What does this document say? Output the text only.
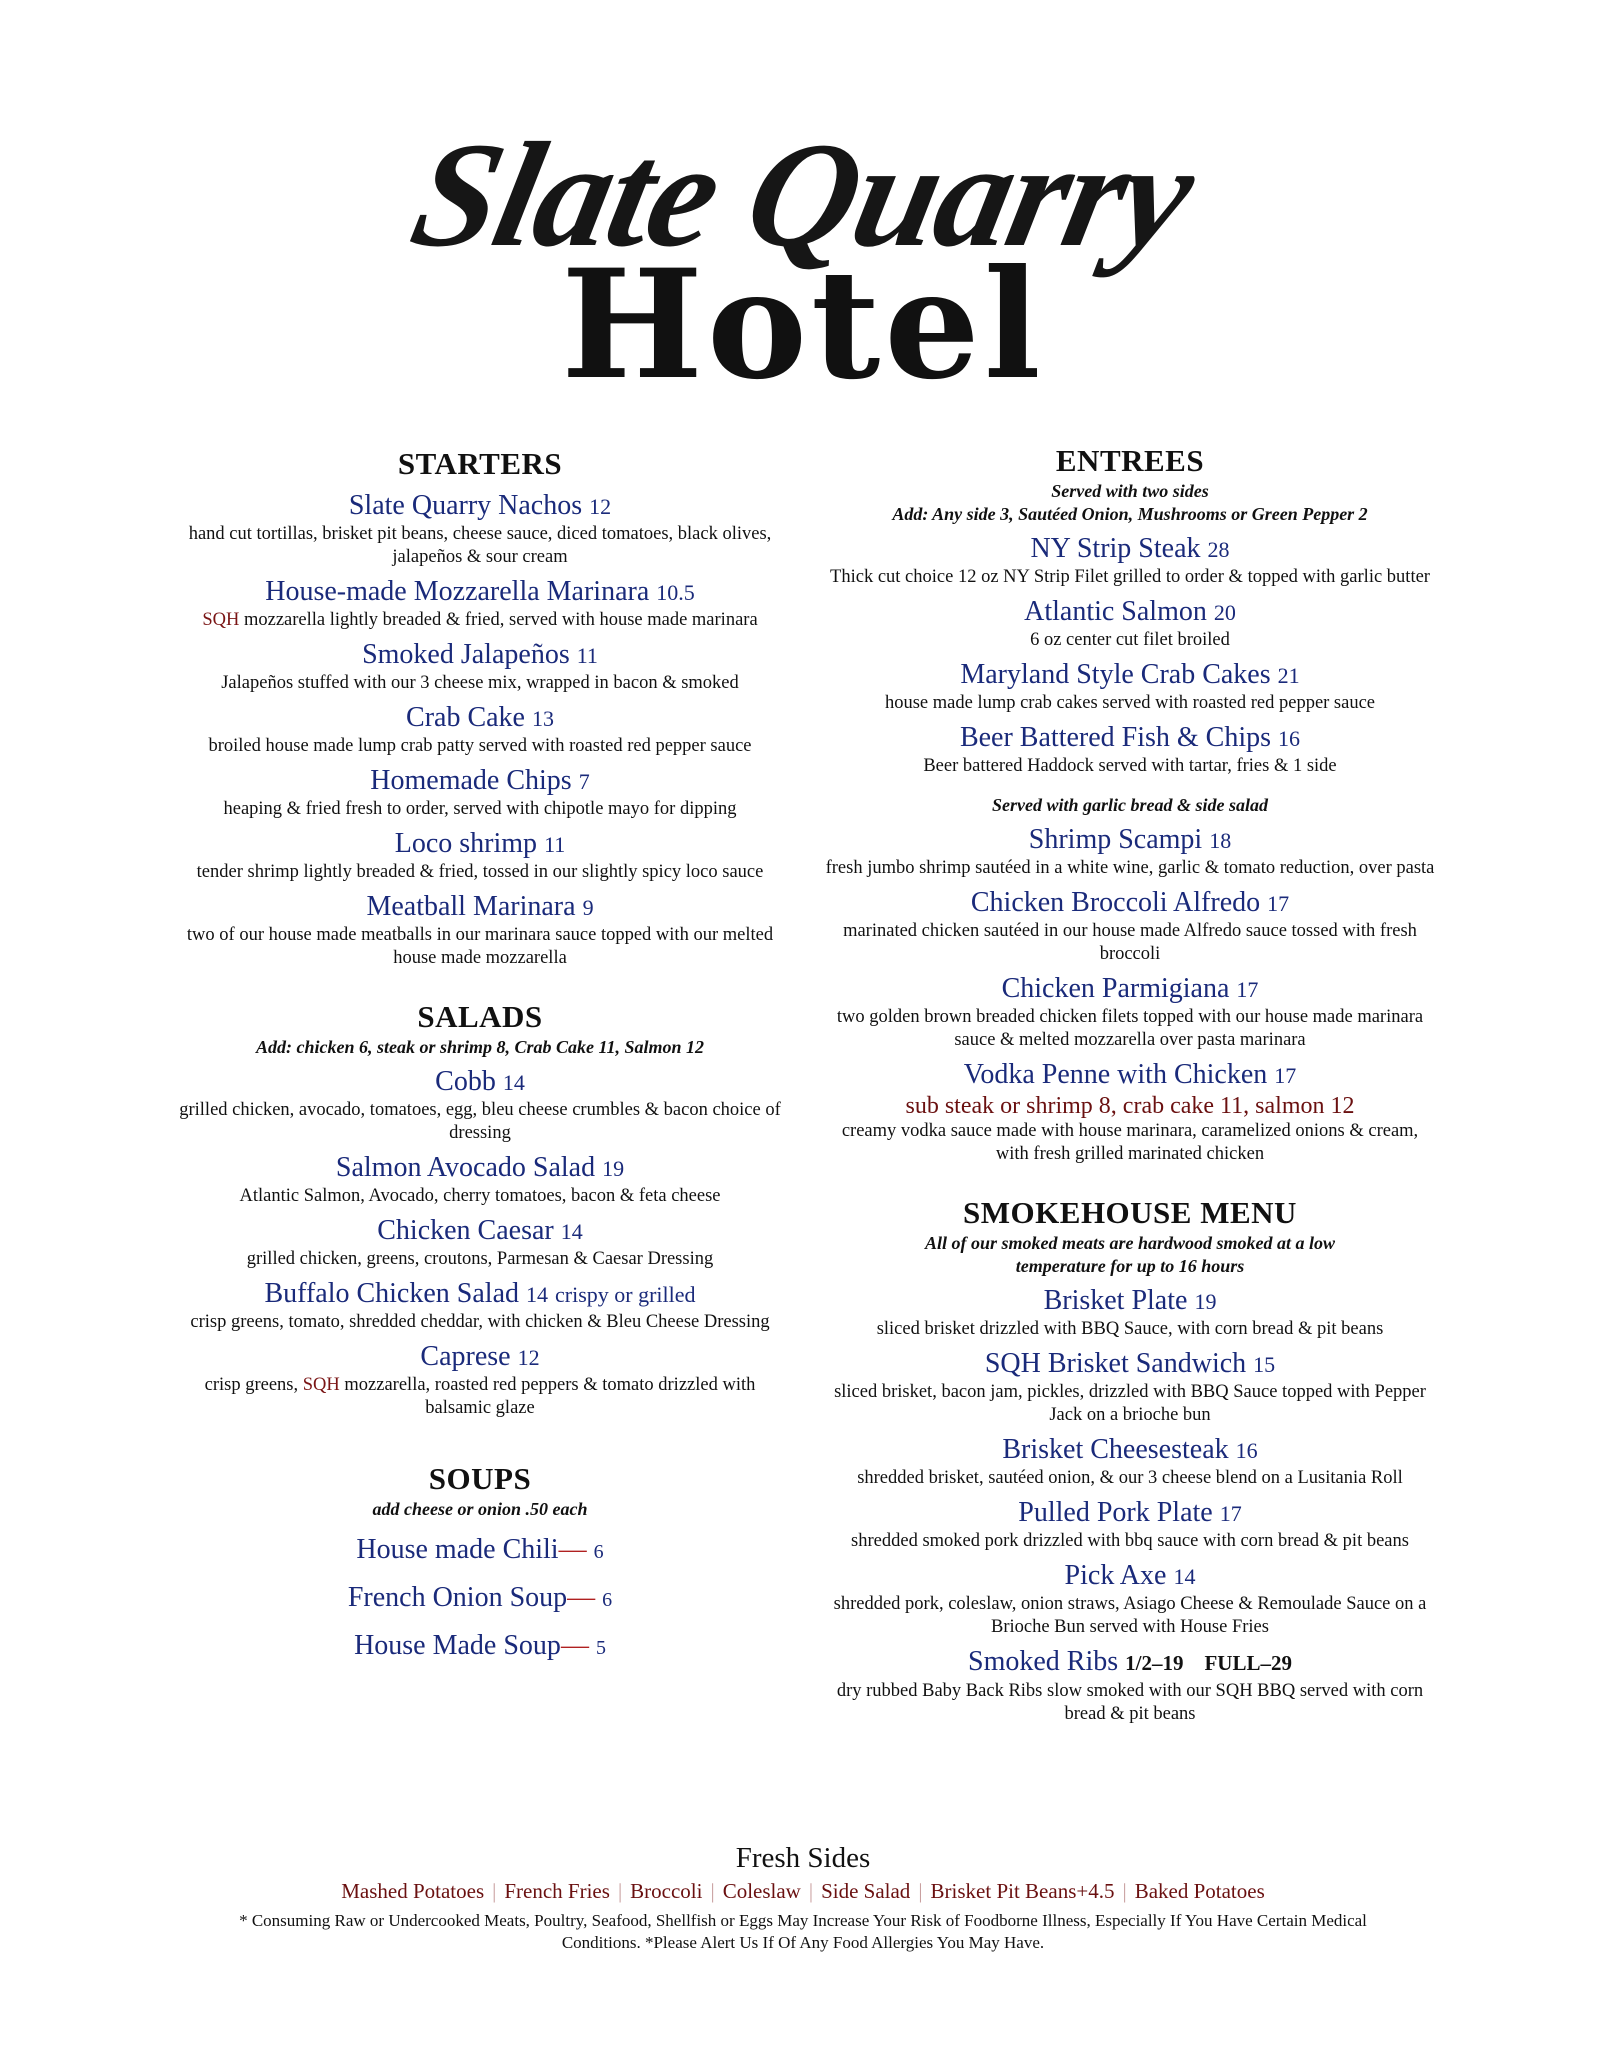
Slate Quarry
Hotel
STARTERS
Slate Quarry Nachos 12
hand cut tortillas, brisket pit beans, cheese sauce, diced tomatoes, black olives, jalapeños & sour cream
House-made Mozzarella Marinara 10.5
SQH mozzarella lightly breaded & fried, served with house made marinara
Smoked Jalapeños 11
Jalapeños stuffed with our 3 cheese mix, wrapped in bacon & smoked
Crab Cake 13
broiled house made lump crab patty served with roasted red pepper sauce
Homemade Chips 7
heaping & fried fresh to order, served with chipotle mayo for dipping
Loco shrimp 11
tender shrimp lightly breaded & fried, tossed in our slightly spicy loco sauce
Meatball Marinara 9
two of our house made meatballs in our marinara sauce topped with our melted house made mozzarella
SALADS
Add: chicken 6, steak or shrimp 8, Crab Cake 11, Salmon 12
Cobb 14
grilled chicken, avocado, tomatoes, egg, bleu cheese crumbles & bacon choice of dressing
Salmon Avocado Salad 19
Atlantic Salmon, Avocado, cherry tomatoes, bacon & feta cheese
Chicken Caesar 14
grilled chicken, greens, croutons, Parmesan & Caesar Dressing
Buffalo Chicken Salad 14 crispy or grilled
crisp greens, tomato, shredded cheddar, with chicken & Bleu Cheese Dressing
Caprese 12
crisp greens, SQH mozzarella, roasted red peppers & tomato drizzled with balsamic glaze
SOUPS
add cheese or onion .50 each
House made Chili— 6
French Onion Soup— 6
House Made Soup— 5
ENTREES
Served with two sides
Add: Any side 3, Sautéed Onion, Mushrooms or Green Pepper 2
NY Strip Steak 28
Thick cut choice 12 oz NY Strip Filet grilled to order & topped with garlic butter
Atlantic Salmon 20
6 oz center cut filet broiled
Maryland Style Crab Cakes 21
house made lump crab cakes served with roasted red pepper sauce
Beer Battered Fish & Chips 16
Beer battered Haddock served with tartar, fries & 1 side
Served with garlic bread & side salad
Shrimp Scampi 18
fresh jumbo shrimp sautéed in a white wine, garlic & tomato reduction, over pasta
Chicken Broccoli Alfredo 17
marinated chicken sautéed in our house made Alfredo sauce tossed with fresh broccoli
Chicken Parmigiana 17
two golden brown breaded chicken filets topped with our house made marinara sauce & melted mozzarella over pasta marinara
Vodka Penne with Chicken 17
sub steak or shrimp 8, crab cake 11, salmon 12
creamy vodka sauce made with house marinara, caramelized onions & cream, with fresh grilled marinated chicken
SMOKEHOUSE MENU
All of our smoked meats are hardwood smoked at a low temperature for up to 16 hours
Brisket Plate 19
sliced brisket drizzled with BBQ Sauce, with corn bread & pit beans
SQH Brisket Sandwich 15
sliced brisket, bacon jam, pickles, drizzled with BBQ Sauce topped with Pepper Jack on a brioche bun
Brisket Cheesesteak 16
shredded brisket, sautéed onion, & our 3 cheese blend on a Lusitania Roll
Pulled Pork Plate 17
shredded smoked pork drizzled with bbq sauce with corn bread & pit beans
Pick Axe 14
shredded pork, coleslaw, onion straws, Asiago Cheese & Remoulade Sauce on a Brioche Bun served with House Fries
Smoked Ribs 1/2–19 FULL–29
dry rubbed Baby Back Ribs slow smoked with our SQH BBQ served with corn bread & pit beans
Fresh Sides
Mashed Potatoes | French Fries | Broccoli | Coleslaw | Side Salad | Brisket Pit Beans+4.5 | Baked Potatoes
* Consuming Raw or Undercooked Meats, Poultry, Seafood, Shellfish or Eggs May Increase Your Risk of Foodborne Illness, Especially If You Have Certain Medical Conditions. *Please Alert Us If Of Any Food Allergies You May Have.
